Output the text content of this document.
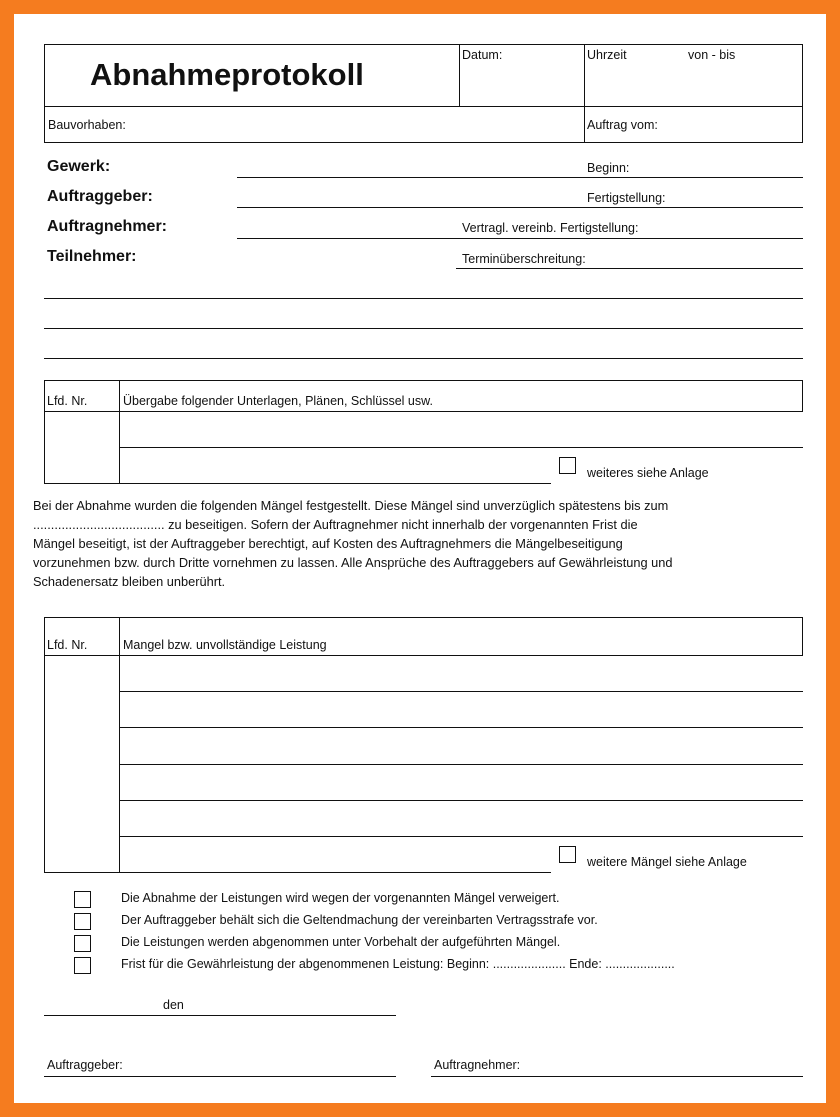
Abnahmeprotokoll
Datum:	Uhrzeit	von - bis
Bauvorhaben:	Auftrag vom:
Gewerk:
Auftraggeber:
Auftragnehmer:
Teilnehmer:
Beginn:
Fertigstellung:
Vertragl. vereinb. Fertigstellung:
Terminüberschreitung:
Lfd. Nr.	Übergabe folgender Unterlagen, Plänen, Schlüssel usw.
weiteres siehe Anlage

Bei der Abnahme wurden die folgenden Mängel festgestellt. Diese Mängel sind unverzüglich spätestens bis zum

..................................... zu beseitigen. Sofern der Auftragnehmer nicht innerhalb der vorgenannten Frist die

Mängel beseitigt, ist der Auftraggeber berechtigt, auf Kosten des Auftragnehmers die Mängelbeseitigung

vorzunehmen bzw. durch Dritte vornehmen zu lassen. Alle Ansprüche des Auftraggebers auf Gewährleistung und

Schadenersatz bleiben unberührt.

Lfd. Nr.	Mangel bzw. unvollständige Leistung
weitere Mängel siehe Anlage
Die Abnahme der Leistungen wird wegen der vorgenannten Mängel verweigert.
Der Auftraggeber behält sich die Geltendmachung der vereinbarten Vertragsstrafe vor.
Die Leistungen werden abgenommen unter Vorbehalt der aufgeführten Mängel.
Frist für die Gewährleistung der abgenommenen Leistung: Beginn: ..................... Ende: ....................
den
Auftraggeber:	Auftragnehmer:
